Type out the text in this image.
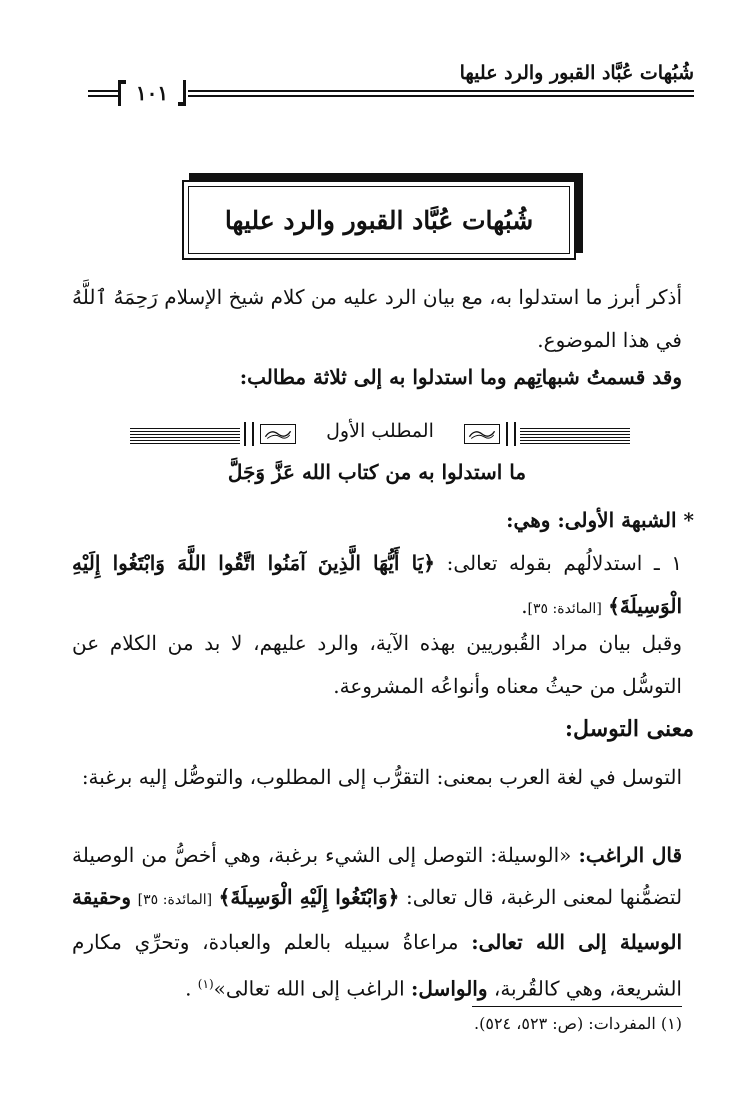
شُبُهات عُبَّاد القبور والرد عليها
١٠١
شُبُهات عُبَّاد القبور والرد عليها
أذكر أبرز ما استدلوا به، مع بيان الرد عليه من كلام شيخ الإسلام رَحِمَهُ ٱللَّهُ في هذا الموضوع.
وقد قسمتُ شبهاتِهم وما استدلوا به إلى ثلاثة مطالب:
المطلب الأول
ما استدلوا به من كتاب الله عَزَّ وَجَلَّ
* الشبهة الأولى: وهي:
١ ـ استدلالُهم بقوله تعالى: ﴿يَا أَيُّهَا الَّذِينَ آمَنُوا اتَّقُوا اللَّهَ وَابْتَغُوا إِلَيْهِ الْوَسِيلَةَ﴾ [المائدة: ٣٥].
وقبل بيان مراد القُبوريين بهذه الآية، والرد عليهم، لا بد من الكلام عن التوسُّل من حيثُ معناه وأنواعُه المشروعة.
معنى التوسل:
التوسل في لغة العرب بمعنى: التقرُّب إلى المطلوب، والتوصُّل إليه برغبة:
قال الراغب: «الوسيلة: التوصل إلى الشيء برغبة، وهي أخصُّ من الوصيلة لتضمُّنها لمعنى الرغبة، قال تعالى: ﴿وَابْتَغُوا إِلَيْهِ الْوَسِيلَةَ﴾ [المائدة: ٣٥] وحقيقة الوسيلة إلى الله تعالى: مراعاةُ سبيله بالعلم والعبادة، وتحرِّي مكارم الشريعة، وهي كالقُربة، والواسل: الراغب إلى الله تعالى»$^{(١)}$ .
(١) المفردات: (ص: ٥٢٣، ٥٢٤).
